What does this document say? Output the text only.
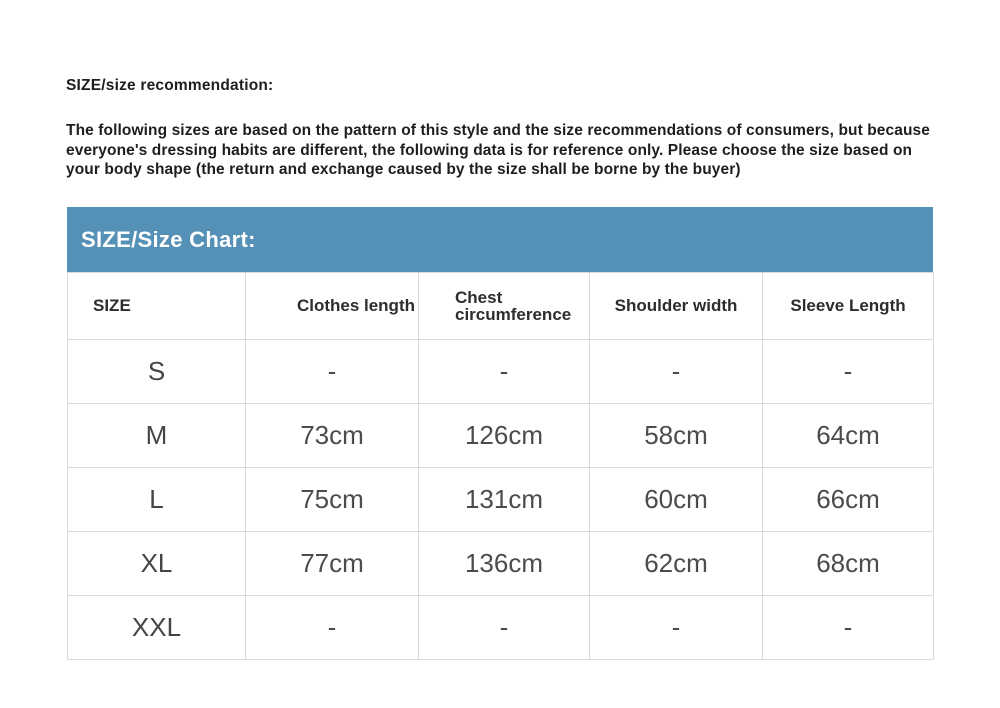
SIZE/size recommendation:

The following sizes are based on the pattern of this style and the size recommendations of consumers, but because everyone's dressing habits are different, the following data is for reference only. Please choose the size based on your body shape (the return and exchange caused by the size shall be borne by the buyer)

SIZE/Size Chart:
SIZE	Clothes length	Chest circumference	Shoulder width	Sleeve Length
S	-	-	-	-
M	73cm	126cm	58cm	64cm
L	75cm	131cm	60cm	66cm
XL	77cm	136cm	62cm	68cm
XXL	-	-	-	-
